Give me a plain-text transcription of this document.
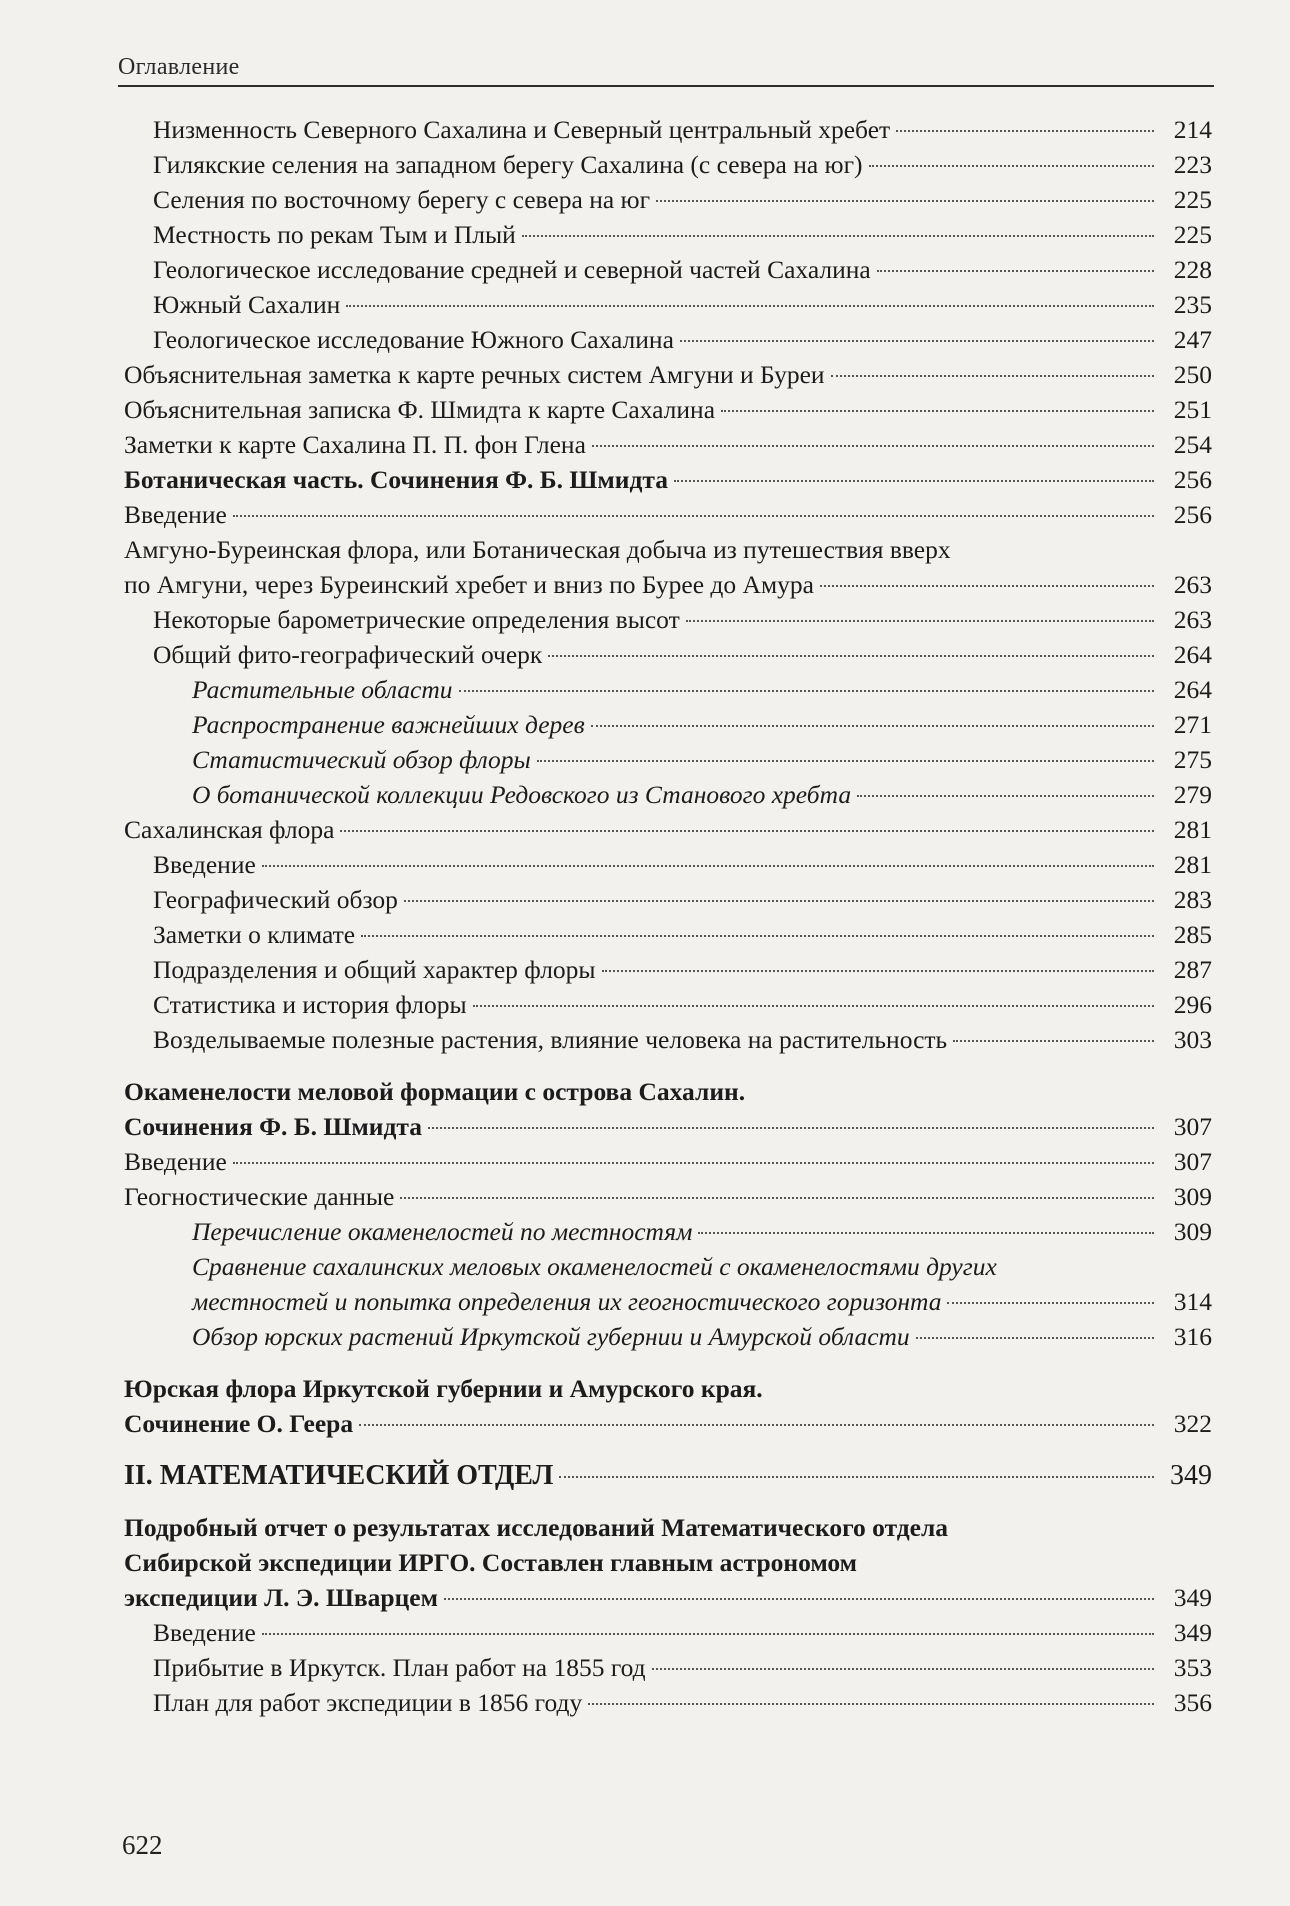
Оглавление
Низменность Северного Сахалина и Северный центральный хребет	214
Гилякские селения на западном берегу Сахалина (с севера на юг)	223
Селения по восточному берегу с севера на юг	225
Местность по рекам Тым и Плый	225
Геологическое исследование средней и северной частей Сахалина	228
Южный Сахалин	235
Геологическое исследование Южного Сахалина	247
Объяснительная заметка к карте речных систем Амгуни и Буреи	250
Объяснительная записка Ф. Шмидта к карте Сахалина	251
Заметки к карте Сахалина П. П. фон Глена	254
Ботаническая часть. Сочинения Ф. Б. Шмидта	256
Введение	256
Амгуно-Буреинская флора, или Ботаническая добыча из путешествия вверх
по Амгуни, через Буреинский хребет и вниз по Бурее до Амура	263
Некоторые барометрические определения высот	263
Общий фито-географический очерк	264
Растительные области	264
Распространение важнейших дерев	271
Статистический обзор флоры	275
О ботанической коллекции Редовского из Станового хребта	279
Сахалинская флора	281
Введение	281
Географический обзор	283
Заметки о климате	285
Подразделения и общий характер флоры	287
Статистика и история флоры	296
Возделываемые полезные растения, влияние человека на растительность	303
Окаменелости меловой формации с острова Сахалин.
Сочинения Ф. Б. Шмидта	307
Введение	307
Геогностические данные	309
Перечисление окаменелостей по местностям	309
Сравнение сахалинских меловых окаменелостей с окаменелостями других
местностей и попытка определения их геогностического горизонта	314
Обзор юрских растений Иркутской губернии и Амурской области	316
Юрская флора Иркутской губернии и Амурского края.
Сочинение О. Геера	322
II. МАТЕМАТИЧЕСКИЙ ОТДЕЛ	349
Подробный отчет о результатах исследований Математического отдела
Сибирской экспедиции ИРГО. Составлен главным астрономом
экспедиции Л. Э. Шварцем	349
Введение	349
Прибытие в Иркутск. План работ на 1855 год	353
План для работ экспедиции в 1856 году	356
622
